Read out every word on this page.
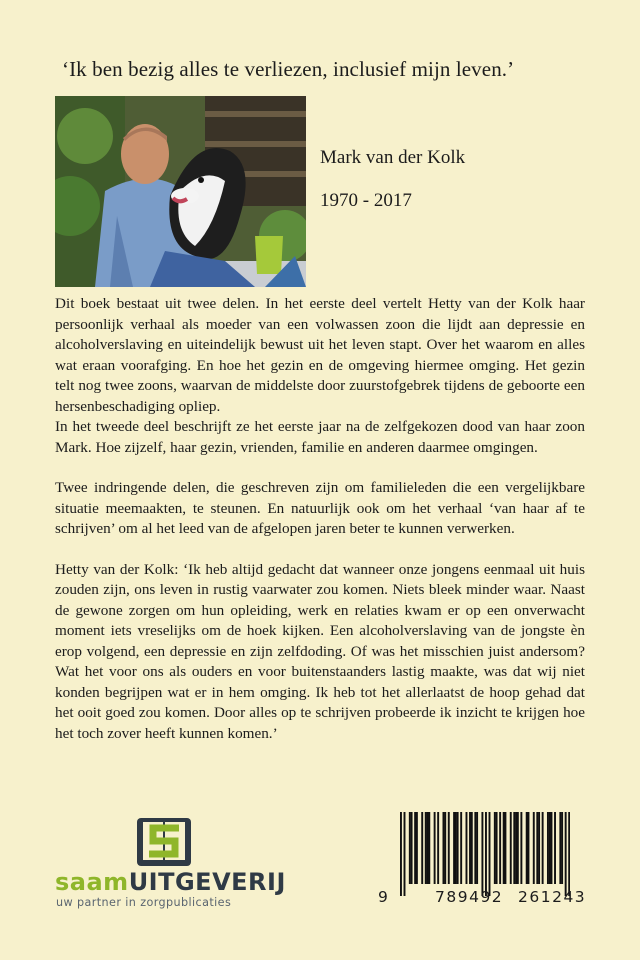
‘Ik ben bezig alles te verliezen, inclusief mijn leven.’
Mark van der Kolk
1970 - 2017

Dit boek bestaat uit twee delen. In het eerste deel vertelt Hetty van der Kolk haar persoonlijk verhaal als moeder van een volwassen zoon die lijdt aan depressie en alcoholverslaving en uiteindelijk bewust uit het leven stapt. Over het waarom en alles wat eraan voorafging. En hoe het gezin en de omgeving hiermee omging. Het gezin telt nog twee zoons, waarvan de middelste door zuurstofgebrek tijdens de geboorte een hersenbeschadiging opliep.

In het tweede deel beschrijft ze het eerste jaar na de zelfgekozen dood van haar zoon Mark. Hoe zijzelf, haar gezin, vrienden, familie en anderen daarmee omgingen.

Twee indringende delen, die geschreven zijn om familieleden die een vergelijkbare situatie meemaakten, te steunen. En natuurlijk ook om het verhaal ‘van haar af te schrijven’ om al het leed van de afgelopen jaren beter te kunnen verwerken.

Hetty van der Kolk: ‘Ik heb altijd gedacht dat wanneer onze jongens eenmaal uit huis zouden zijn, ons leven in rustig vaarwater zou komen. Niets bleek minder waar. Naast de gewone zorgen om hun opleiding, werk en relaties kwam er op een onverwacht moment iets vreselijks om de hoek kijken. Een alcoholverslaving van de jongste èn erop volgend, een depressie en zijn zelfdoding. Of was het misschien juist andersom? Wat het voor ons als ouders en voor buitenstaanders lastig maakte, was dat wij niet konden begrijpen wat er in hem omging. Ik heb tot het allerlaatst de hoop gehad dat het ooit goed zou komen. Door alles op te schrijven probeerde ik inzicht te krijgen hoe het toch zover heeft kunnen komen.’

saamUITGEVERIJ
uw partner in zorgpublicaties	9	789492 261243
